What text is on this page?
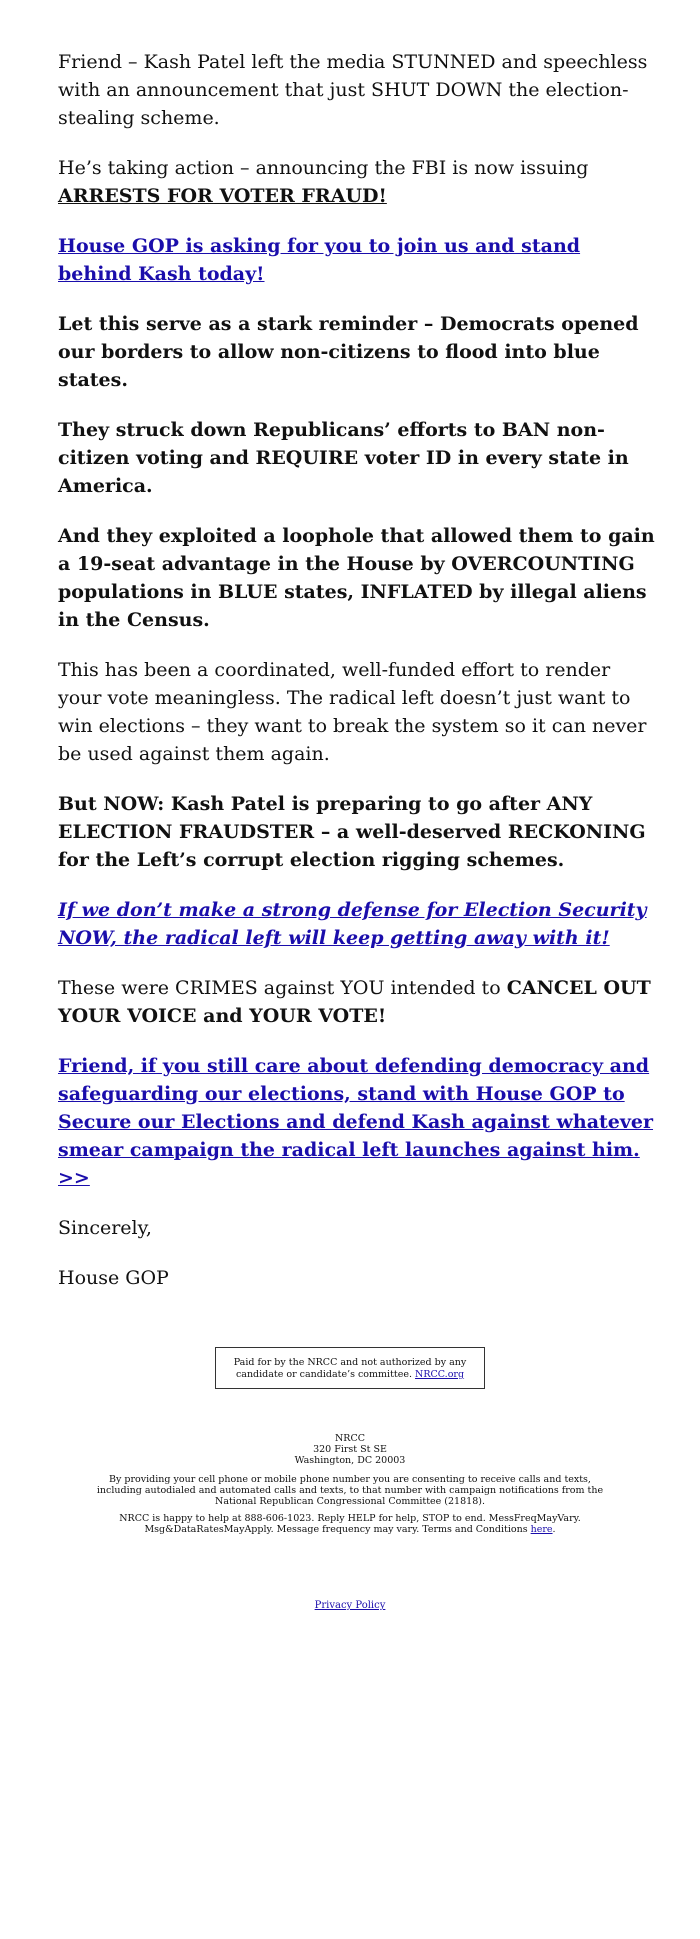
Friend – Kash Patel left the media STUNNED and speechless with an announcement that just SHUT DOWN the election-stealing scheme.

He’s taking action – announcing the FBI is now issuing ARRESTS FOR VOTER FRAUD!

House GOP is asking for you to join us and stand behind Kash today!

Let this serve as a stark reminder – Democrats opened our borders to allow non-citizens to flood into blue states.

They struck down Republicans’ efforts to BAN non-citizen voting and REQUIRE voter ID in every state in America.

And they exploited a loophole that allowed them to gain a 19-seat advantage in the House by OVERCOUNTING populations in BLUE states, INFLATED by illegal aliens in the Census.

This has been a coordinated, well-funded effort to render your vote meaningless. The radical left doesn’t just want to win elections – they want to break the system so it can never be used against them again.

But NOW: Kash Patel is preparing to go after ANY ELECTION FRAUDSTER – a well-deserved RECKONING for the Left’s corrupt election rigging schemes.

If we don’t make a strong defense for Election Security NOW, the radical left will keep getting away with it!

These were CRIMES against YOU intended to CANCEL OUT YOUR VOICE and YOUR VOTE!

Friend, if you still care about defending democracy and safeguarding our elections, stand with House GOP to Secure our Elections and defend Kash against whatever smear campaign the radical left launches against him. >>

Sincerely,

House GOP

Paid for by the NRCC and not authorized by any candidate or candidate’s committee. NRCC.org
NRCC
320 First St SE
Washington, DC 20003
By providing your cell phone or mobile phone number you are consenting to receive calls and texts, including autodialed and automated calls and texts, to that number with campaign notifications from the National Republican Congressional Committee (21818).
NRCC is happy to help at 888-606-1023. Reply HELP for help, STOP to end. MessFreqMayVary. Msg&DataRatesMayApply. Message frequency may vary. Terms and Conditions here.
Privacy Policy
